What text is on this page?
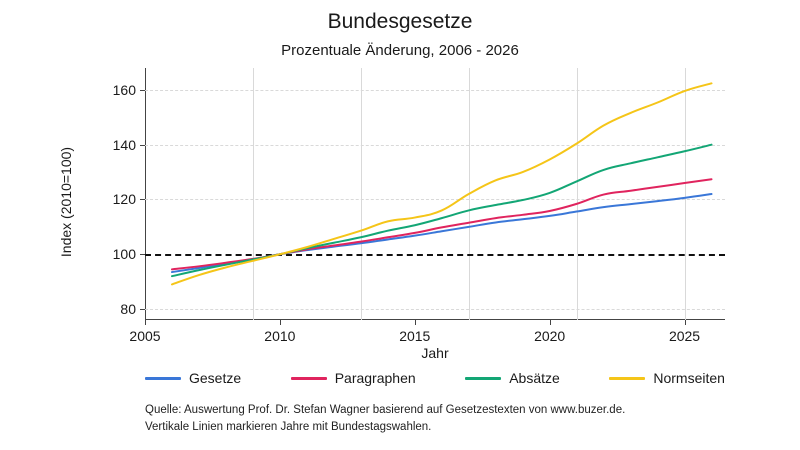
Bundesgesetze
Prozentuale Änderung, 2006 - 2026
80
100
120
140
160
2005	2010	2015	2020	2025
Jahr
Index (2010=100)
Gesetze	Paragraphen	Absätze	Normseiten
Quelle: Auswertung Prof. Dr. Stefan Wagner basierend auf Gesetzestexten von www.buzer.de.
Vertikale Linien markieren Jahre mit Bundestagswahlen.
